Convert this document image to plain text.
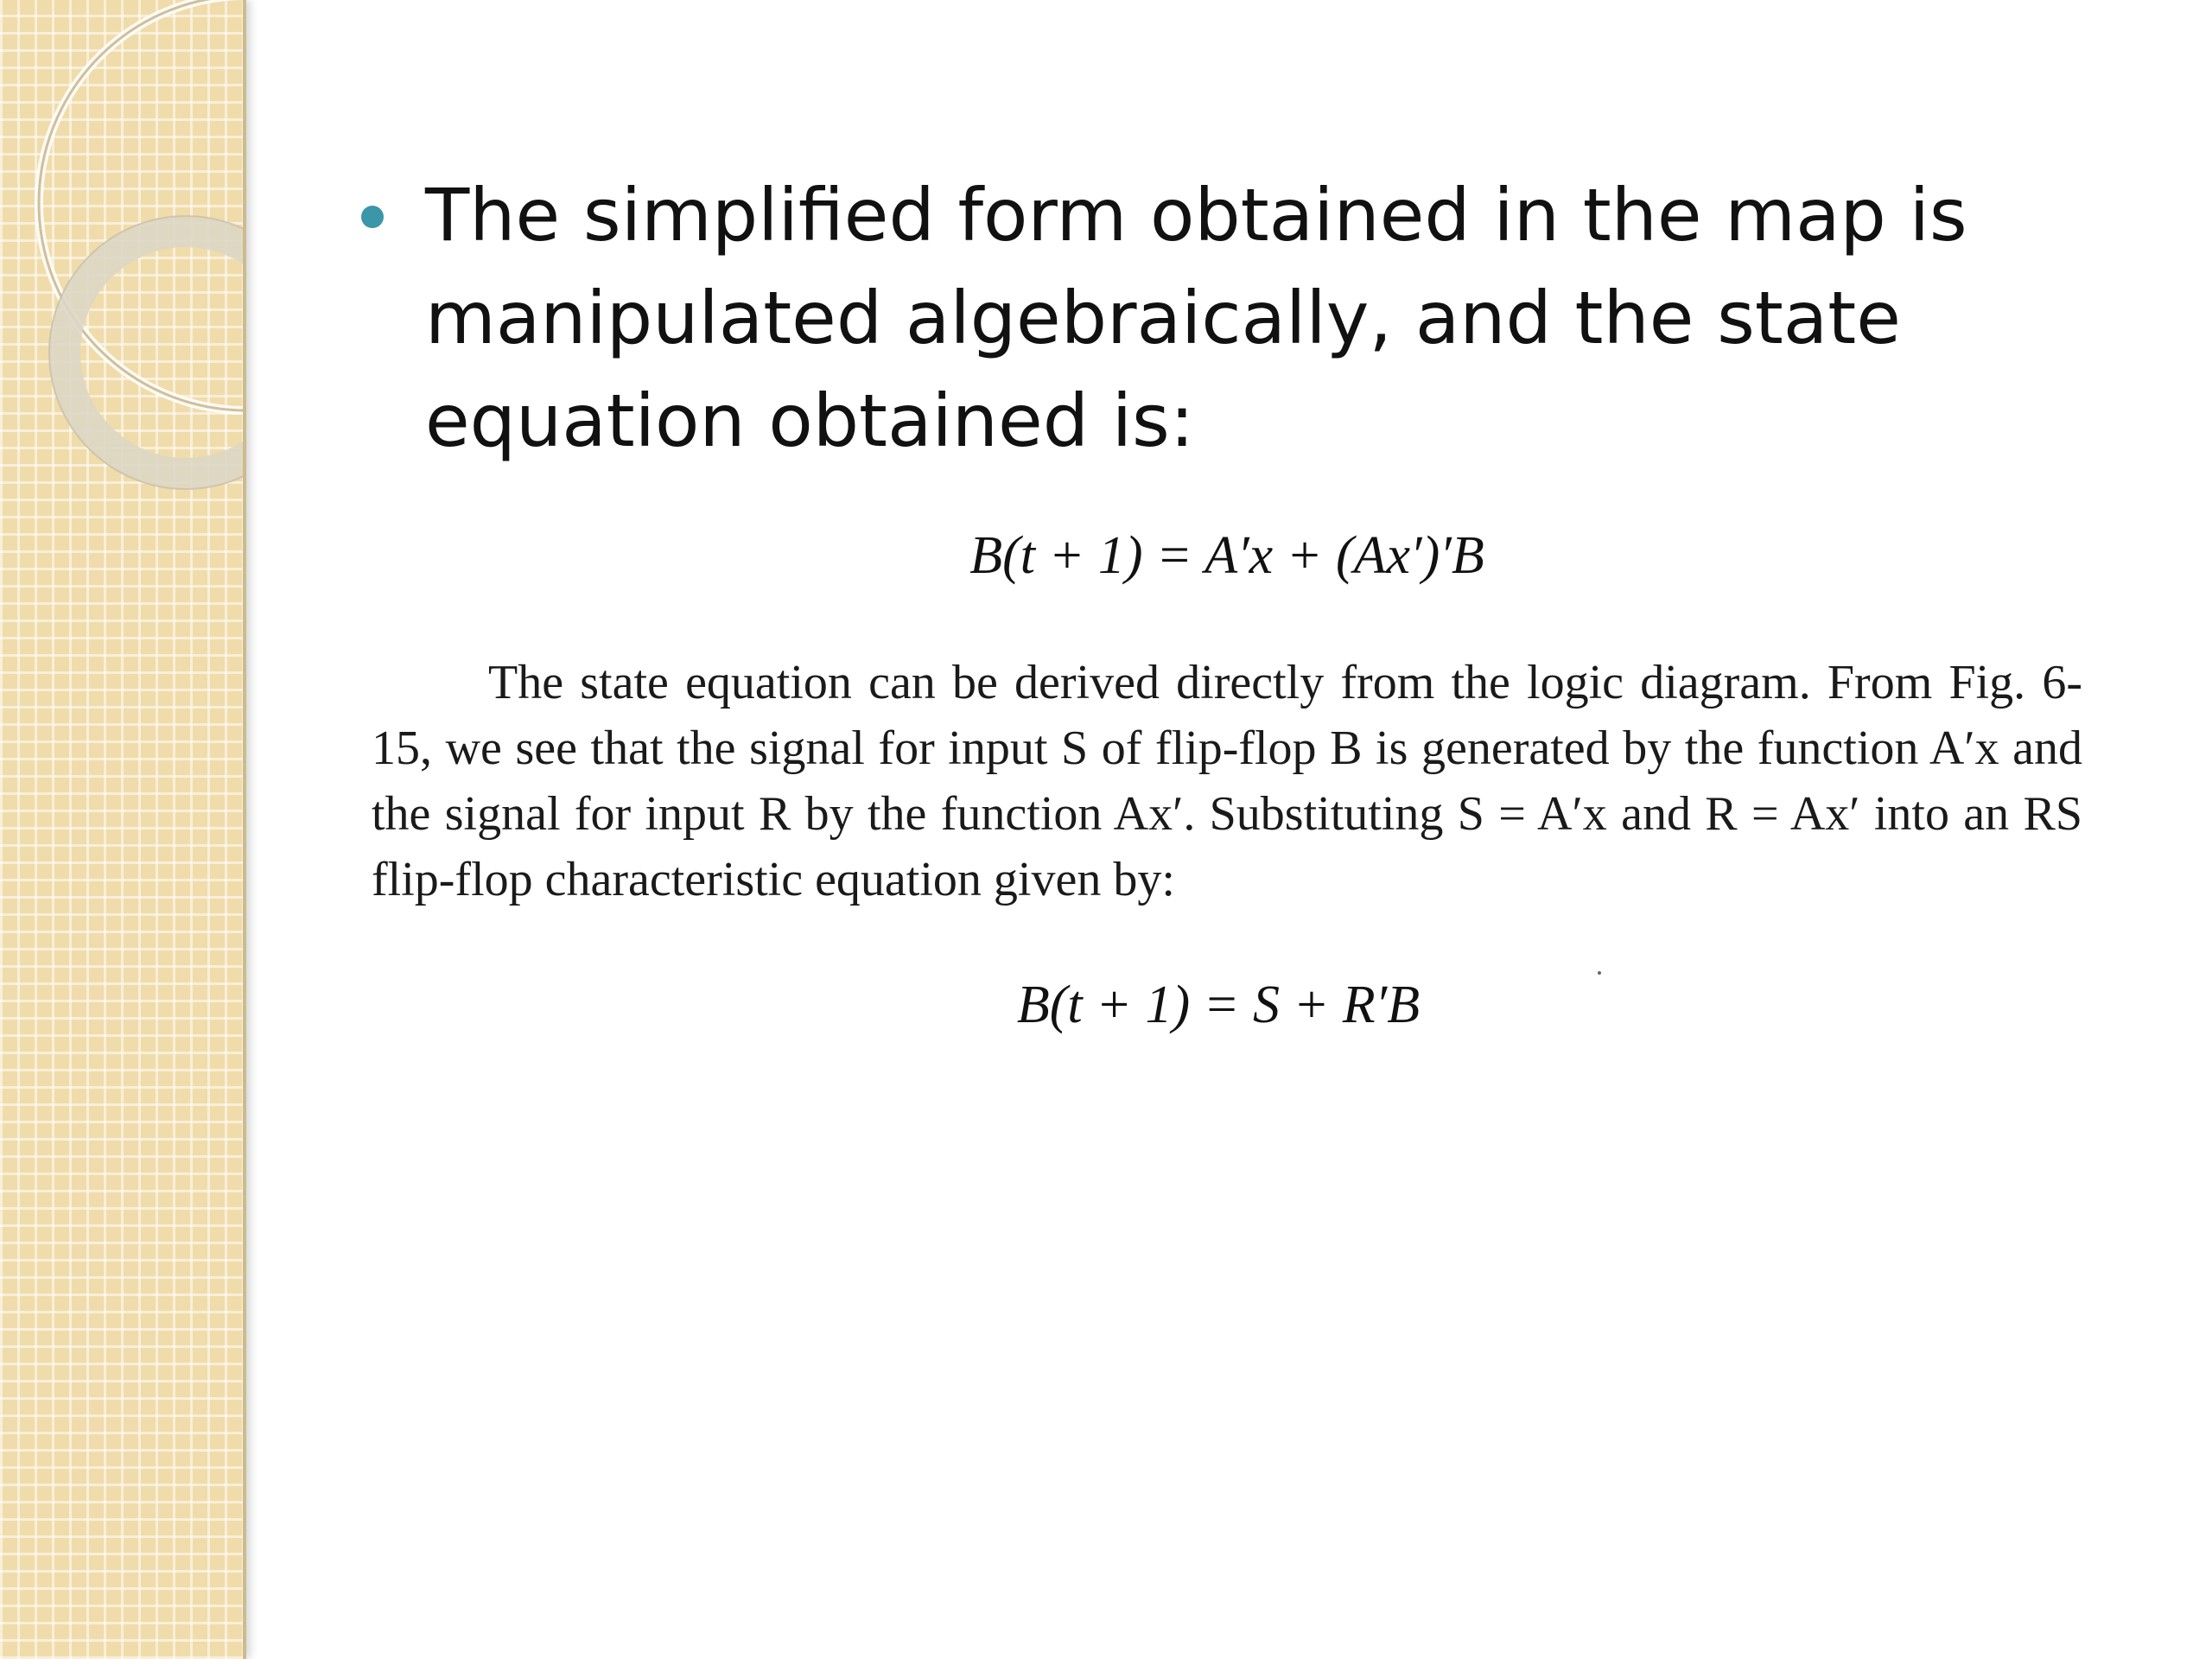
The simplified form obtained in the map is manipulated algebraically, and the state equation obtained is:
B(t + 1) = A′x + (Ax′)′B
The state equation can be derived directly from the logic diagram. From Fig. 6-15, we see that the signal for input S of flip-flop B is generated by the function A′x and the signal for input R by the function Ax′. Substituting S = A′x and R = Ax′ into an RS flip-flop characteristic equation given by:
B(t + 1) = S + R′B
